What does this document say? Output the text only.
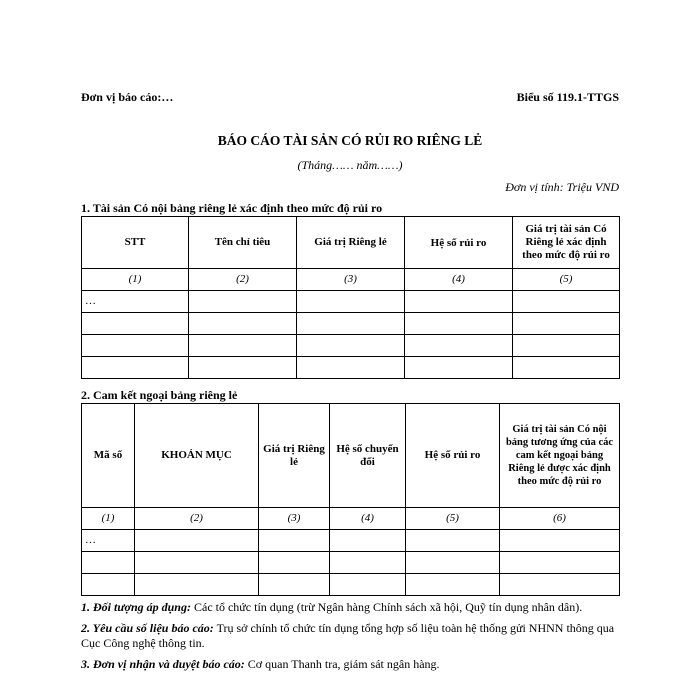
Đơn vị báo cáo:…	Biểu số 119.1-TTGS
BÁO CÁO TÀI SẢN CÓ RỦI RO RIÊNG LẺ
(Tháng…… năm……)
Đơn vị tính: Triệu VND
1. Tài sản Có nội bảng riêng lẻ xác định theo mức độ rủi ro
STT	Tên chỉ tiêu	Giá trị Riêng lẻ	Hệ số rủi ro	Giá trị tài sản Có Riêng lẻ xác định theo mức độ rủi ro
(1)	(2)	(3)	(4)	(5)
…				

2. Cam kết ngoại bảng riêng lẻ
Mã số	KHOẢN MỤC	Giá trị Riêng lẻ	Hệ số chuyển đổi	Hệ số rủi ro	Giá trị tài sản Có nội bảng tương ứng của các cam kết ngoại bảng Riêng lẻ được xác định theo mức độ rủi ro
(1)	(2)	(3)	(4)	(5)	(6)
…					

1. Đối tượng áp dụng: Các tổ chức tín dụng (trừ Ngân hàng Chính sách xã hội, Quỹ tín dụng nhân dân).

2. Yêu cầu số liệu báo cáo: Trụ sở chính tổ chức tín dụng tổng hợp số liệu toàn hệ thống gửi NHNN thông qua Cục Công nghệ thông tin.

3. Đơn vị nhận và duyệt báo cáo: Cơ quan Thanh tra, giám sát ngân hàng.
